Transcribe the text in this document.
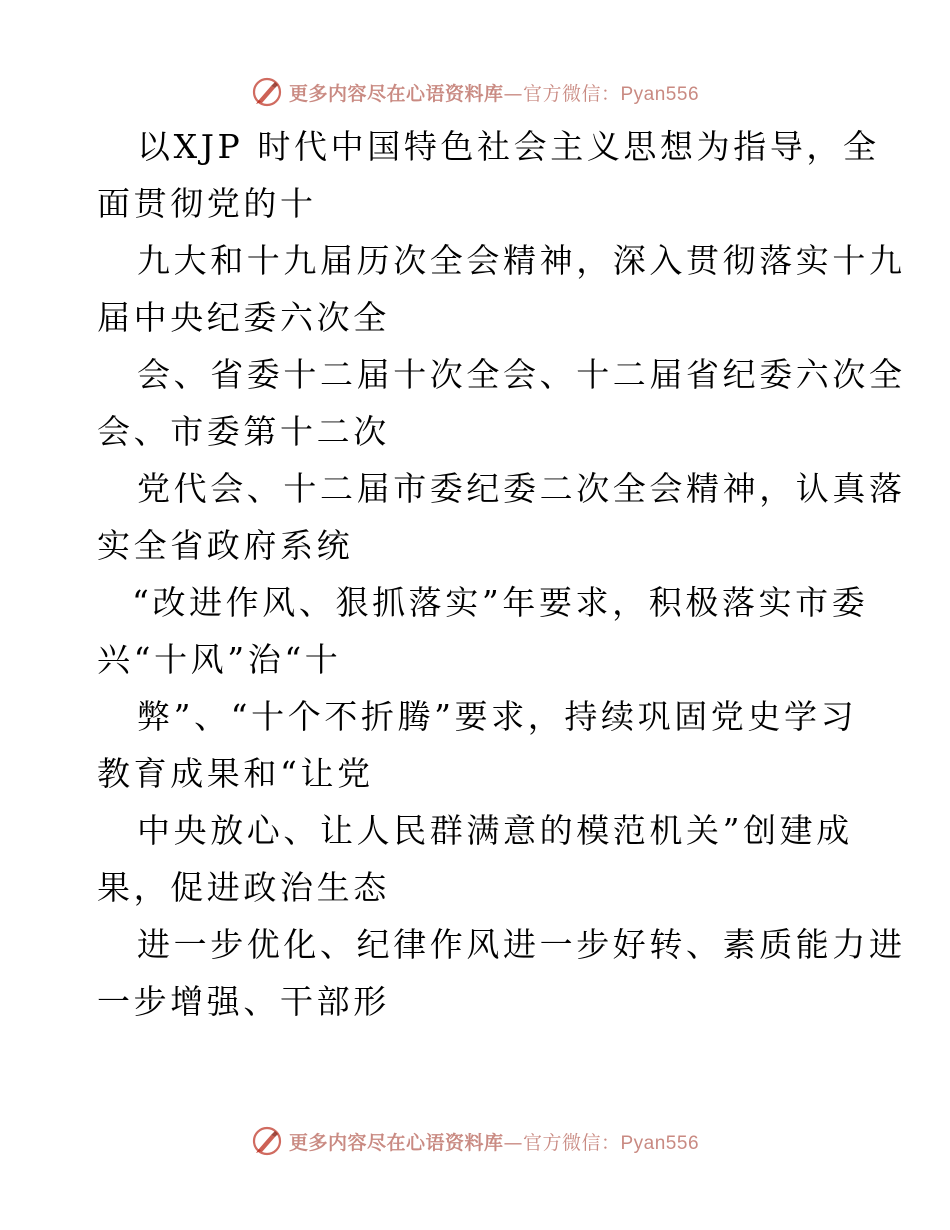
更多内容尽在心语资料库—官方微信：Pyan556
以XJP 时代中国特色社会主义思想为指导，全
面贯彻党的十
九大和十九届历次全会精神，深入贯彻落实十九
届中央纪委六次全
会、省委十二届十次全会、十二届省纪委六次全
会、市委第十二次
党代会、十二届市委纪委二次全会精神，认真落
实全省政府系统
“改进作风、狠抓落实”年要求，积极落实市委
兴“十风”治“十
弊”、“十个不折腾”要求，持续巩固党史学习
教育成果和“让党
中央放心、让人民群满意的模范机关”创建成
果，促进政治生态
进一步优化、纪律作风进一步好转、素质能力进
一步增强、干部形
更多内容尽在心语资料库—官方微信：Pyan556
